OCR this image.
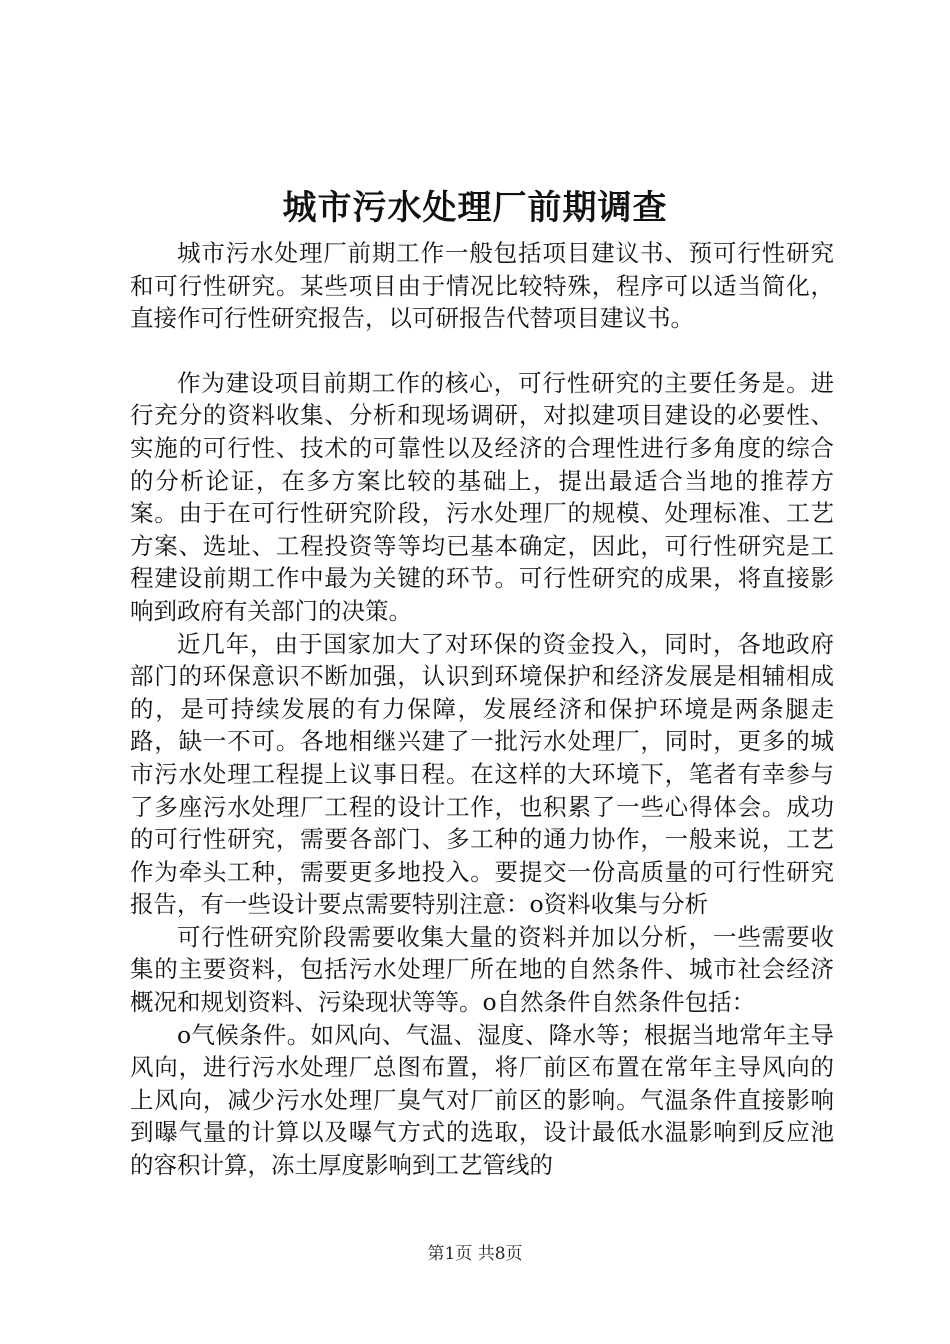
城市污水处理厂前期调查

城市污水处理厂前期工作一般包括项目建议书、预可行性研究和可行性研究。某些项目由于情况比较特殊，程序可以适当简化，直接作可行性研究报告，以可研报告代替项目建议书。

作为建设项目前期工作的核心，可行性研究的主要任务是。进行充分的资料收集、分析和现场调研，对拟建项目建设的必要性、实施的可行性、技术的可靠性以及经济的合理性进行多角度的综合的分析论证，在多方案比较的基础上，提出最适合当地的推荐方案。由于在可行性研究阶段，污水处理厂的规模、处理标准、工艺方案、选址、工程投资等等均已基本确定，因此，可行性研究是工程建设前期工作中最为关键的环节。可行性研究的成果，将直接影响到政府有关部门的决策。

近几年，由于国家加大了对环保的资金投入，同时，各地政府部门的环保意识不断加强，认识到环境保护和经济发展是相辅相成的，是可持续发展的有力保障，发展经济和保护环境是两条腿走路，缺一不可。各地相继兴建了一批污水处理厂，同时，更多的城市污水处理工程提上议事日程。在这样的大环境下，笔者有幸参与了多座污水处理厂工程的设计工作，也积累了一些心得体会。成功的可行性研究，需要各部门、多工种的通力协作，一般来说，工艺作为牵头工种，需要更多地投入。要提交一份高质量的可行性研究报告，有一些设计要点需要特别注意：o资料收集与分析

可行性研究阶段需要收集大量的资料并加以分析，一些需要收集的主要资料，包括污水处理厂所在地的自然条件、城市社会经济概况和规划资料、污染现状等等。o自然条件自然条件包括：

o气候条件。如风向、气温、湿度、降水等；根据当地常年主导风向，进行污水处理厂总图布置，将厂前区布置在常年主导风向的上风向，减少污水处理厂臭气对厂前区的影响。气温条件直接影响到曝气量的计算以及曝气方式的选取，设计最低水温影响到反应池的容积计算，冻土厚度影响到工艺管线的

第1页 共8页
